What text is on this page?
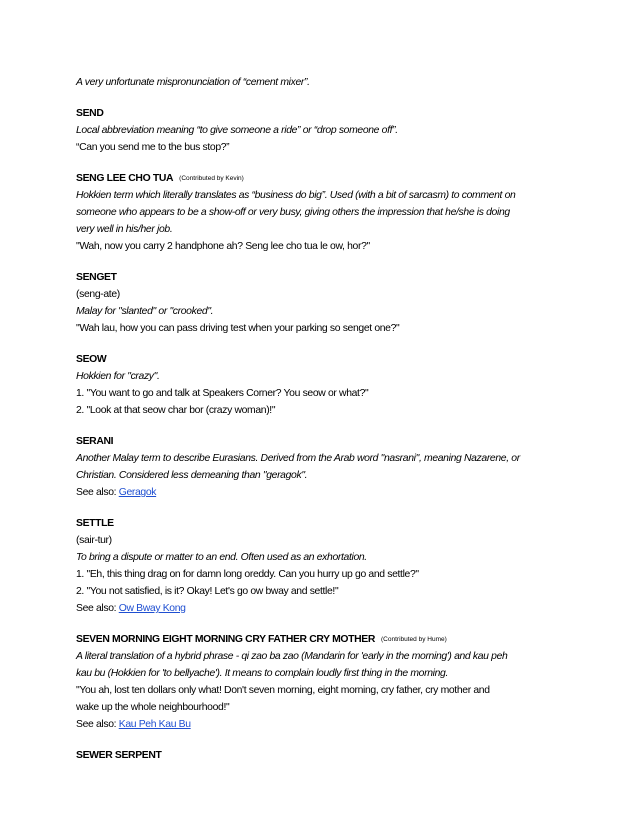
A very unfortunate mispronunciation of “cement mixer”.
SEND
Local abbreviation meaning “to give someone a ride” or “drop someone off”.
“Can you send me to the bus stop?”
SENG LEE CHO TUA (Contributed by Kevin)
Hokkien term which literally translates as “business do big”. Used (with a bit of sarcasm) to comment on
someone who appears to be a show-off or very busy, giving others the impression that he/she is doing
very well in his/her job.
"Wah, now you carry 2 handphone ah? Seng lee cho tua le ow, hor?"
SENGET
(seng-ate)
Malay for "slanted" or "crooked".
"Wah lau, how you can pass driving test when your parking so senget one?"
SEOW
Hokkien for "crazy".
1. "You want to go and talk at Speakers Corner? You seow or what?"
2. "Look at that seow char bor (crazy woman)!"
SERANI
Another Malay term to describe Eurasians. Derived from the Arab word "nasrani", meaning Nazarene, or
Christian. Considered less demeaning than "geragok".
See also: Geragok
SETTLE
(sair-tur)
To bring a dispute or matter to an end. Often used as an exhortation.
1. "Eh, this thing drag on for damn long oreddy. Can you hurry up go and settle?"
2. "You not satisfied, is it? Okay! Let's go ow bway and settle!"
See also: Ow Bway Kong
SEVEN MORNING EIGHT MORNING CRY FATHER CRY MOTHER (Contributed by Hume)
A literal translation of a hybrid phrase - qi zao ba zao (Mandarin for 'early in the morning') and kau peh
kau bu (Hokkien for 'to bellyache'). It means to complain loudly first thing in the morning.
"You ah, lost ten dollars only what! Don't seven morning, eight morning, cry father, cry mother and
wake up the whole neighbourhood!"
See also: Kau Peh Kau Bu
SEWER SERPENT
